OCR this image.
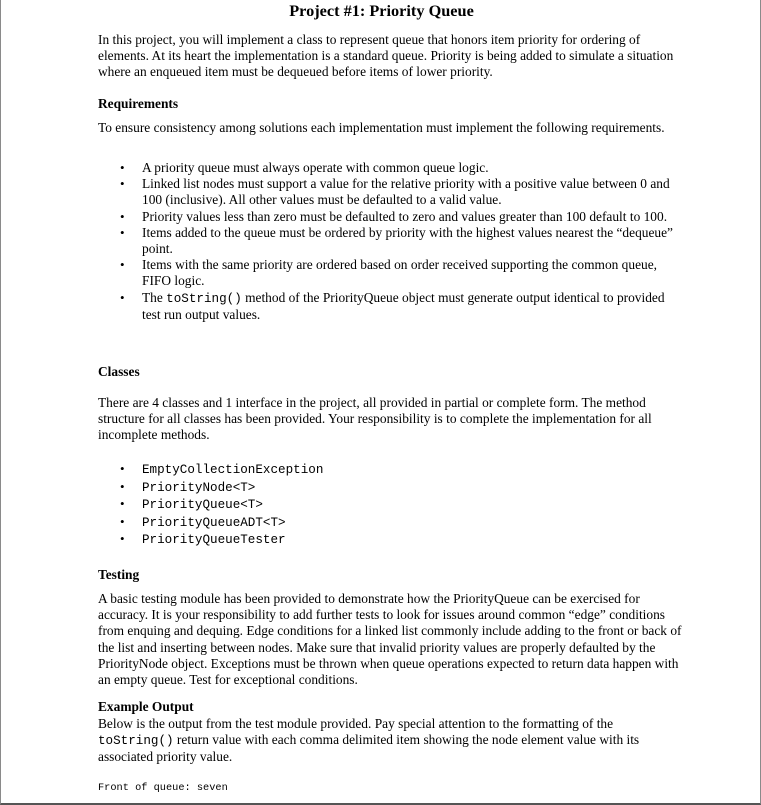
Project #1: Priority Queue
In this project, you will implement a class to represent queue that honors item priority for ordering of elements. At its heart the implementation is a standard queue. Priority is being added to simulate a situation where an enqueued item must be dequeued before items of lower priority.
Requirements
To ensure consistency among solutions each implementation must implement the following requirements.
• A priority queue must always operate with common queue logic.
• Linked list nodes must support a value for the relative priority with a positive value between 0 and 100 (inclusive). All other values must be defaulted to a valid value.
• Priority values less than zero must be defaulted to zero and values greater than 100 default to 100.
• Items added to the queue must be ordered by priority with the highest values nearest the “dequeue” point.
• Items with the same priority are ordered based on order received supporting the common queue, FIFO logic.
• The toString() method of the PriorityQueue object must generate output identical to provided test run output values.
Classes
There are 4 classes and 1 interface in the project, all provided in partial or complete form. The method structure for all classes has been provided. Your responsibility is to complete the implementation for all incomplete methods.
• EmptyCollectionException
• PriorityNode<T>
• PriorityQueue<T>
• PriorityQueueADT<T>
• PriorityQueueTester
Testing
A basic testing module has been provided to demonstrate how the PriorityQueue can be exercised for accuracy. It is your responsibility to add further tests to look for issues around common “edge” conditions from enquing and dequing. Edge conditions for a linked list commonly include adding to the front or back of the list and inserting between nodes. Make sure that invalid priority values are properly defaulted by the PriorityNode object. Exceptions must be thrown when queue operations expected to return data happen with an empty queue. Test for exceptional conditions.
Example Output
Below is the output from the test module provided. Pay special attention to the formatting of the toString() return value with each comma delimited item showing the node element value with its associated priority value.
Front of queue: seven
